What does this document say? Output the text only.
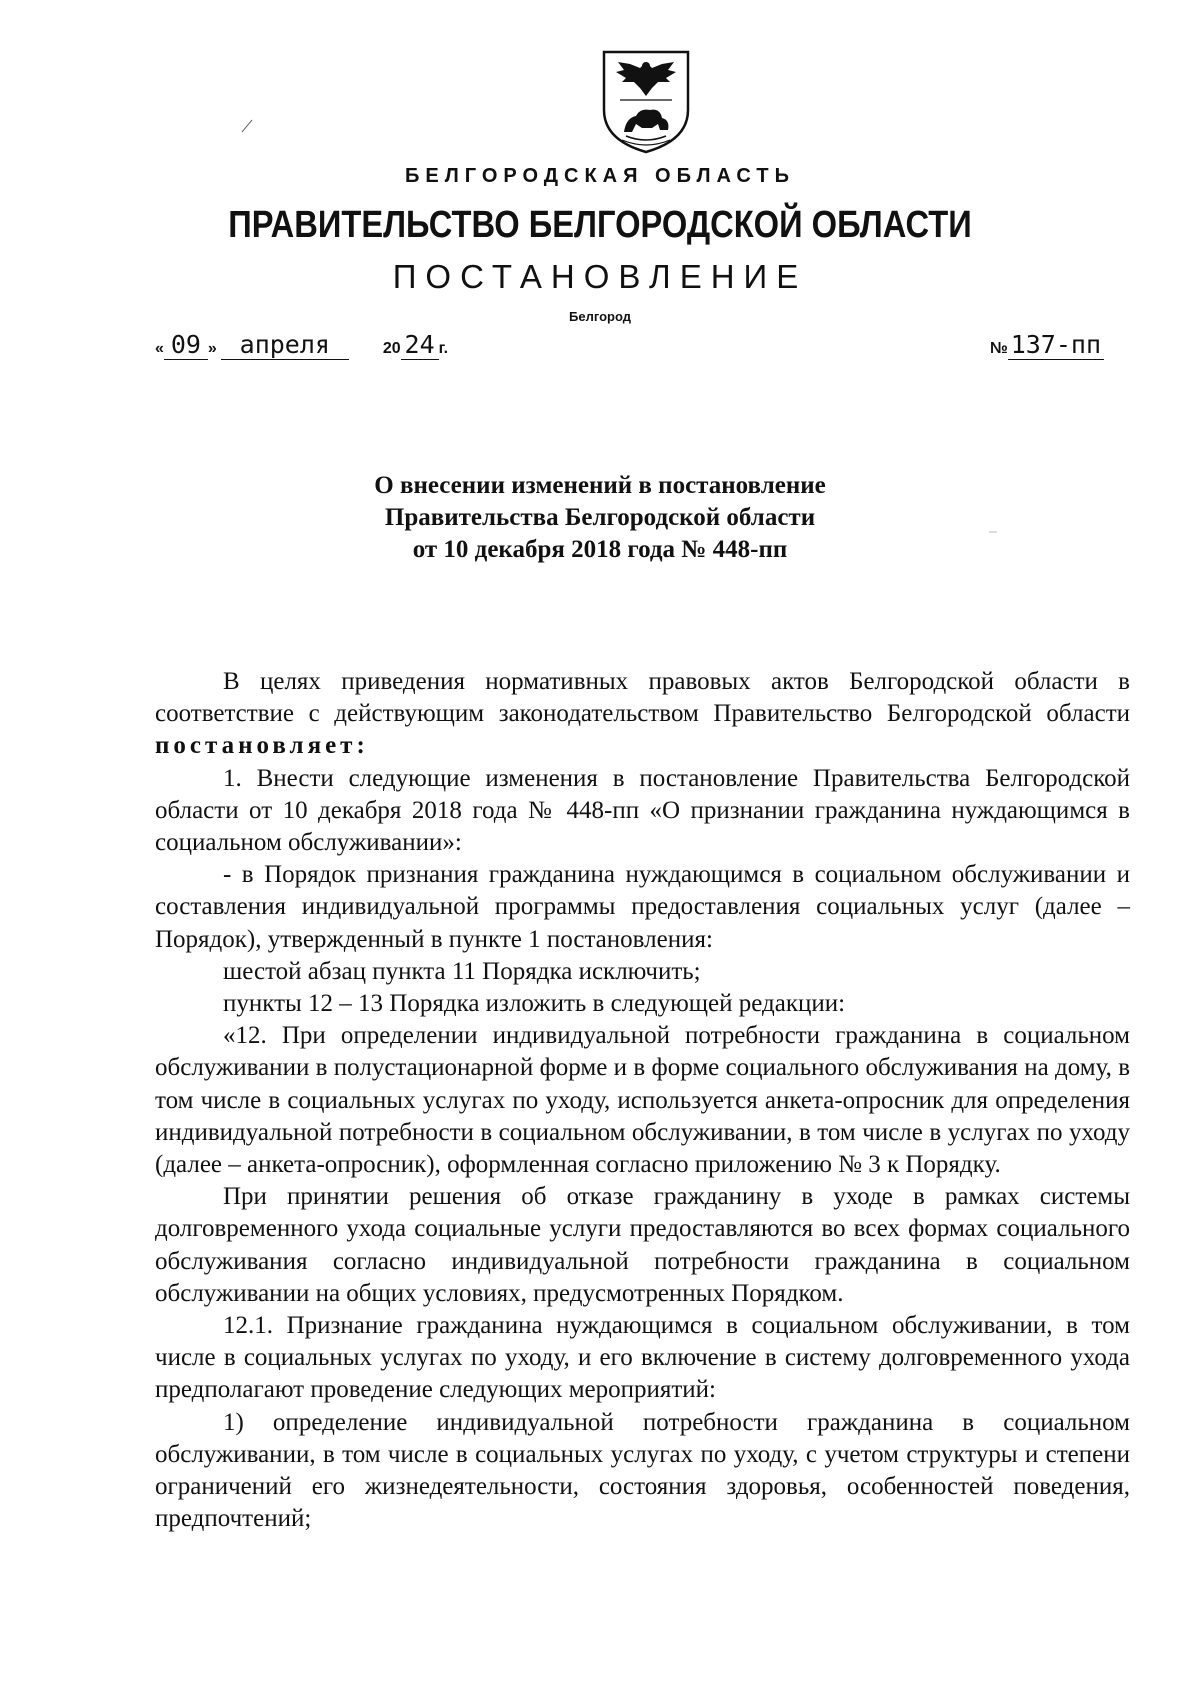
БЕЛГОРОДСКАЯ ОБЛАСТЬ
ПРАВИТЕЛЬСТВО БЕЛГОРОДСКОЙ ОБЛАСТИ
ПОСТАНОВЛЕНИЕ
Белгород
« 09 » апреля	20 24 г.	№ 137-пп
О внесении изменений в постановление
Правительства Белгородской области
от 10 декабря 2018 года № 448-пп

В целях приведения нормативных правовых актов Белгородской области в соответствие с действующим законодательством Правительство Белгородской области постановляет:

1. Внести следующие изменения в постановление Правительства Белгородской области от 10 декабря 2018 года № 448-пп «О признании гражданина нуждающимся в социальном обслуживании»:

- в Порядок признания гражданина нуждающимся в социальном обслуживании и составления индивидуальной программы предоставления социальных услуг (далее – Порядок), утвержденный в пункте 1 постановления:

шестой абзац пункта 11 Порядка исключить;

пункты 12 – 13 Порядка изложить в следующей редакции:

«12. При определении индивидуальной потребности гражданина в социальном обслуживании в полустационарной форме и в форме социального обслуживания на дому, в том числе в социальных услугах по уходу, используется анкета-опросник для определения индивидуальной потребности в социальном обслуживании, в том числе в услугах по уходу (далее – анкета-опросник), оформленная согласно приложению № 3 к Порядку.

При принятии решения об отказе гражданину в уходе в рамках системы долговременного ухода социальные услуги предоставляются во всех формах социального обслуживания согласно индивидуальной потребности гражданина в социальном обслуживании на общих условиях, предусмотренных Порядком.

12.1. Признание гражданина нуждающимся в социальном обслуживании, в том числе в социальных услугах по уходу, и его включение в систему долговременного ухода предполагают проведение следующих мероприятий:

1) определение индивидуальной потребности гражданина в социальном обслуживании, в том числе в социальных услугах по уходу, с учетом структуры и степени ограничений его жизнедеятельности, состояния здоровья, особенностей поведения, предпочтений;
